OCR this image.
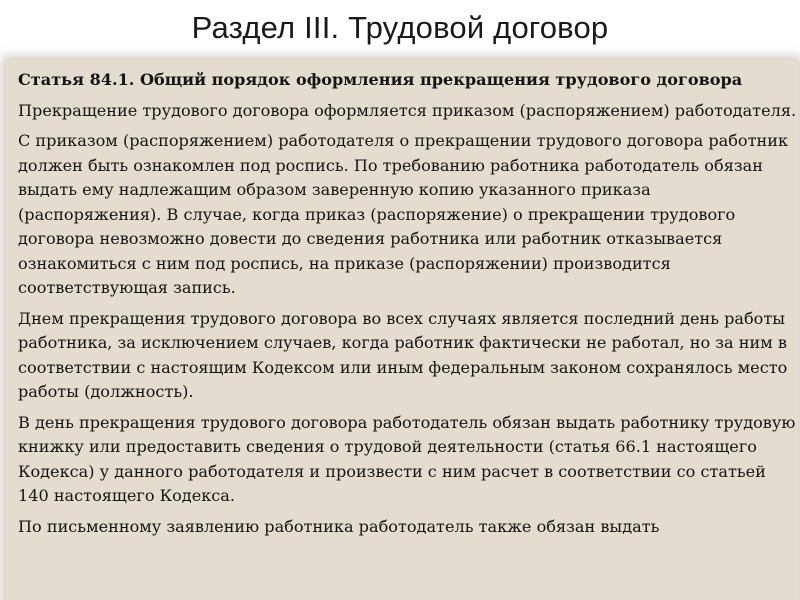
Раздел III. Трудовой договор

Статья 84.1. Общий порядок оформления прекращения трудового договора

Прекращение трудового договора оформляется приказом (распоряжением) работодателя.

С приказом (распоряжением) работодателя о прекращении трудового договора работник должен быть ознакомлен под роспись. По требованию работника работодатель обязан выдать ему надлежащим образом заверенную копию указанного приказа (распоряжения). В случае, когда приказ (распоряжение) о прекращении трудового договора невозможно довести до сведения работника или работник отказывается ознакомиться с ним под роспись, на приказе (распоряжении) производится соответствующая запись.

Днем прекращения трудового договора во всех случаях является последний день работы работника, за исключением случаев, когда работник фактически не работал, но за ним в соответствии с настоящим Кодексом или иным федеральным законом сохранялось место работы (должность).

В день прекращения трудового договора работодатель обязан выдать работнику трудовую книжку или предоставить сведения о трудовой деятельности (статья 66.1 настоящего Кодекса) у данного работодателя и произвести с ним расчет в соответствии со статьей 140 настоящего Кодекса.

По письменному заявлению работника работодатель также обязан выдать
